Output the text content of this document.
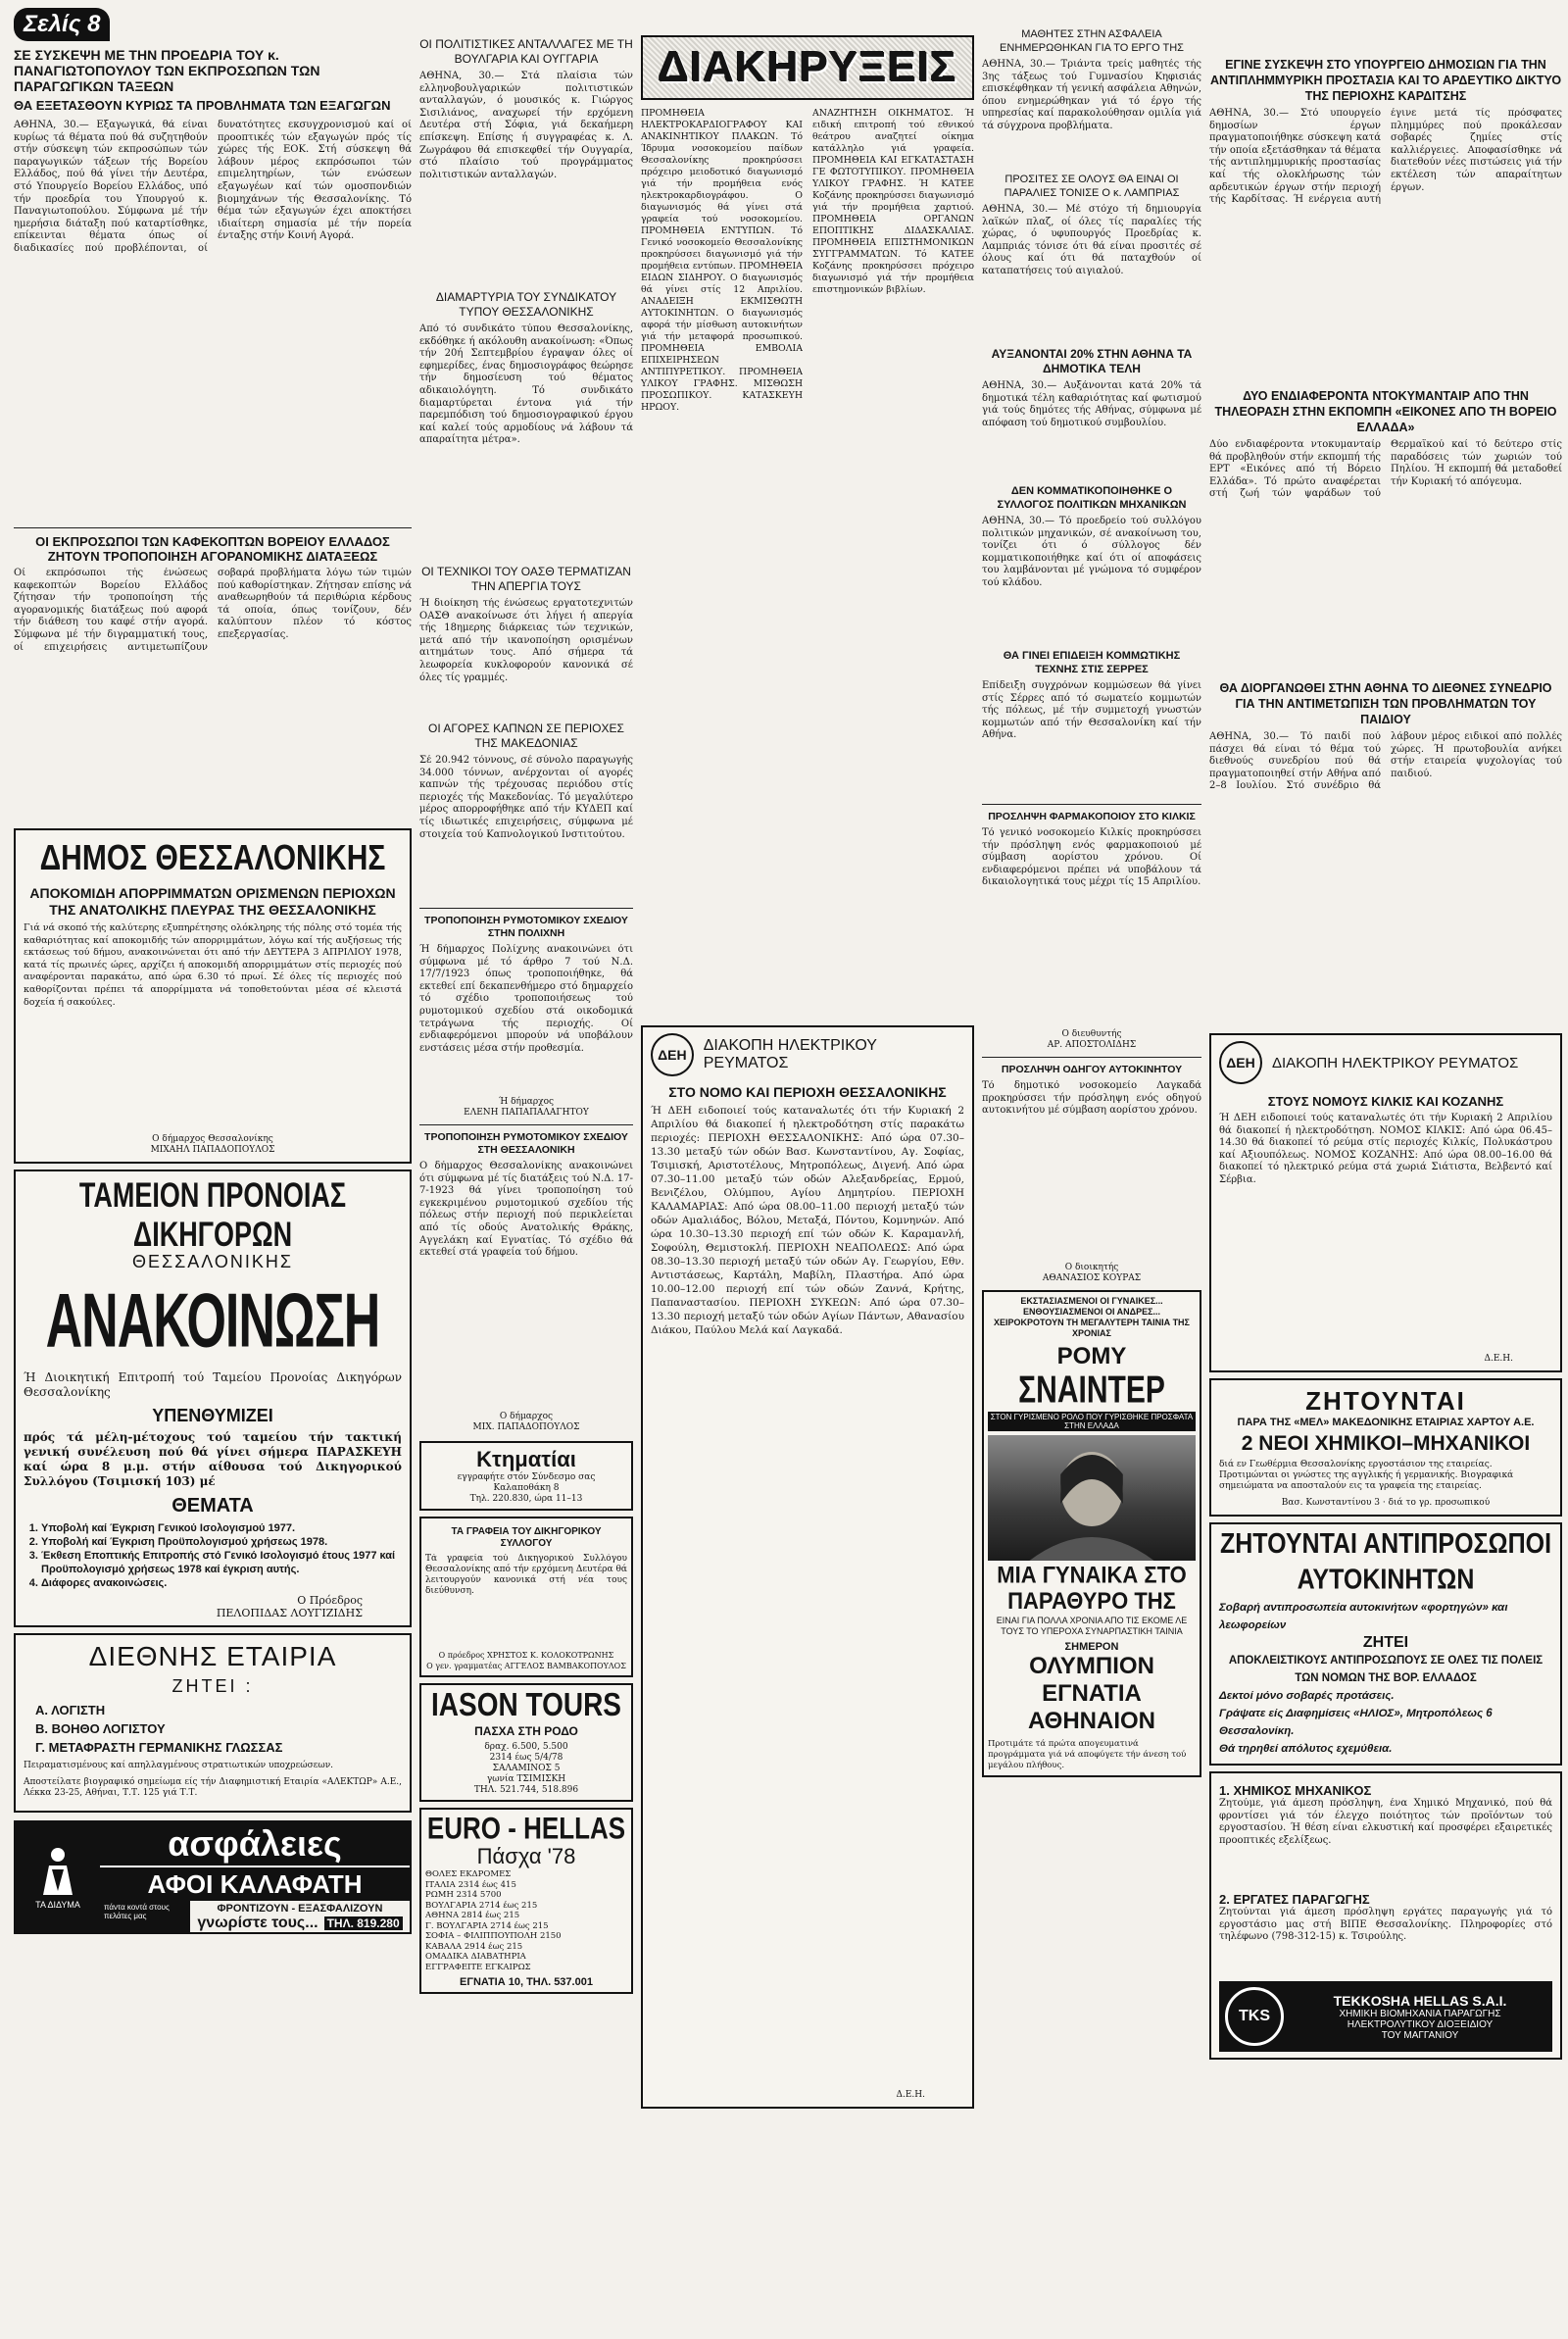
Σελίς 8
ΣΕ ΣΥΣΚΕΨΗ ΜΕ ΤΗΝ ΠΡΟΕΔΡΙΑ ΤΟΥ κ. ΠΑΝΑΓΙΩΤΟΠΟΥΛΟΥ ΤΩΝ ΕΚΠΡΟΣΩΠΩΝ ΤΩΝ ΠΑΡΑΓΩΓΙΚΩΝ ΤΑΞΕΩΝ
ΘΑ ΕΞΕΤΑΣΘΟΥΝ ΚΥΡΙΩΣ ΤΑ ΠΡΟΒΛΗΜΑΤΑ ΤΩΝ ΕΞΑΓΩΓΩΝ

ΑΘΗΝΑ, 30.— Εξαγωγικά, θά είναι κυρίως τά θέματα πού θά συζητηθούν στήν σύσκεψη τών εκπροσώπων τών παραγωγικών τάξεων τής Βορείου Ελλάδος, πού θά γίνει τήν Δευτέρα, στό Υπουργείο Βορείου Ελλάδος, υπό τήν προεδρία του Υπουργού κ. Παναγιωτοπούλου. Σύμφωνα μέ τήν ημερήσια διάταξη πού καταρτίσθηκε, επίκεινται θέματα όπως οί διαδικασίες πού προβλέπονται, οί δυνατότητες εκσυγχρονισμού καί οί προοπτικές τών εξαγωγών πρός τίς χώρες τής ΕΟΚ. Στή σύσκεψη θά λάβουν μέρος εκπρόσωποι τών επιμελητηρίων, τών ενώσεων εξαγωγέων καί τών ομοσπονδιών βιομηχάνων τής Θεσσαλονίκης. Τό θέμα τών εξαγωγών έχει αποκτήσει ιδιαίτερη σημασία μέ τήν πορεία ένταξης στήν Κοινή Αγορά.

ΟΙ ΕΚΠΡΟΣΩΠΟΙ ΤΩΝ ΚΑΦΕΚΟΠΤΩΝ ΒΟΡΕΙΟΥ ΕΛΛΑΔΟΣ ΖΗΤΟΥΝ ΤΡΟΠΟΠΟΙΗΣΗ ΑΓΟΡΑΝΟΜΙΚΗΣ ΔΙΑΤΑΞΕΩΣ

Οί εκπρόσωποι τής ένώσεως καφεκοπτών Βορείου Ελλάδος ζήτησαν τήν τροποποίηση τής αγορανομικής διατάξεως πού αφορά τήν διάθεση του καφέ στήν αγορά. Σύμφωνα μέ τήν διγραμματική τους, οί επιχειρήσεις αντιμετωπίζουν σοβαρά προβλήματα λόγω τών τιμών πού καθορίστηκαν. Ζήτησαν επίσης νά αναθεωρηθούν τά περιθώρια κέρδους τά οποία, όπως τονίζουν, δέν καλύπτουν πλέον τό κόστος επεξεργασίας.

ΔΗΜΟΣ ΘΕΣΣΑΛΟΝΙΚΗΣ
ΑΠΟΚΟΜΙΔΗ ΑΠΟΡΡΙΜΜΑΤΩΝ ΟΡΙΣΜΕΝΩΝ ΠΕΡΙΟΧΩΝ ΤΗΣ ΑΝΑΤΟΛΙΚΗΣ ΠΛΕΥΡΑΣ ΤΗΣ ΘΕΣΣΑΛΟΝΙΚΗΣ

Γιά νά σκοπό τής καλύτερης εξυπηρέτησης ολόκληρης τής πόλης στό τομέα τής καθαριότητας καί αποκομιδής τών απορριμμάτων, λόγω καί τής αυξήσεως τής εκτάσεως τού δήμου, ανακοινώνεται ότι από τήν ΔΕΥΤΕΡΑ 3 ΑΠΡΙΛΙΟΥ 1978, κατά τίς πρωινές ώρες, αρχίζει ή αποκομιδή απορριμμάτων στίς περιοχές πού αναφέρονται παρακάτω, από ώρα 6.30 τό πρωί. Σέ όλες τίς περιοχές πού καθορίζονται πρέπει τά απορρίμματα νά τοποθετούνται μέσα σέ κλειστά δοχεία ή σακούλες.

Ο δήμαρχος Θεσσαλονίκης
ΜΙΧΑΗΛ ΠΑΠΑΔΟΠΟΥΛΟΣ
ΤΑΜΕΙΟΝ ΠΡΟΝΟΙΑΣ ΔΙΚΗΓΟΡΩΝ
ΘΕΣΣΑΛΟΝΙΚΗΣ
ΑΝΑΚΟΙΝΩΣΗ

Ή Διοικητική Επιτροπή τού Ταμείου Προνοίας Δικηγόρων Θεσσαλονίκης

ΥΠΕΝΘΥΜΙΖΕΙ

πρός τά μέλη-μέτοχους τού ταμείου τήν τακτική γενική συνέλευση πού θά γίνει σήμερα ΠΑΡΑΣΚΕΥΗ καί ώρα 8 μ.μ. στήν αίθουσα τού Δικηγορικού Συλλόγου (Τσιμισκή 103) μέ

ΘΕΜΑΤΑ
1. Υποβολή καί Έγκριση Γενικού Ισολογισμού 1977.
2. Υποβολή καί Έγκριση Προϋπολογισμού χρήσεως 1978.
3. Έκθεση Εποπτικής Επιτροπής στό Γενικό Ισολογισμό έτους 1977 καί Προϋπολογισμό χρήσεως 1978 καί έγκριση αυτής.
4. Διάφορες ανακοινώσεις.
Ο Πρόεδρος
ΠΕΛΟΠΙΔΑΣ ΛΟΥΓΙΖΙΔΗΣ
ΔΙΕΘΝΗΣ ΕΤΑΙΡΙΑ
ΖΗΤΕΙ :
Α. ΛΟΓΙΣΤΗ
Β. ΒΟΗΘΟ ΛΟΓΙΣΤΟΥ
Γ. ΜΕΤΑΦΡΑΣΤΗ ΓΕΡΜΑΝΙΚΗΣ ΓΛΩΣΣΑΣ

Πειραματισμένους καί απηλλαγμένους στρατιωτικών υποχρεώσεων.

Αποστείλατε βιογραφικό σημείωμα είς τήν Διαφημιστική Εταιρία «ΑΛΕΚΤΩΡ» Α.Ε., Λέκκα 23-25, Αθήναι, Τ.Τ. 125 γιά Τ.Τ.

ΤΑ ΔΙΔΥΜΑ
ασφάλειες
ΑΦΟΙ ΚΑΛΑΦΑΤΗ
πάντα κοντά στους πελάτες μας
ΦΡΟΝΤΙΖΟΥΝ - ΕΞΑΣΦΑΛΙΖΟΥΝ
γνωρίστε τους... ΤΗΛ. 819.280
ΟΙ ΠΟΛΙΤΙΣΤΙΚΕΣ ΑΝΤΑΛΛΑΓΕΣ ΜΕ ΤΗ ΒΟΥΛΓΑΡΙΑ ΚΑΙ ΟΥΓΓΑΡΙΑ

ΑΘΗΝΑ, 30.— Στά πλαίσια τών ελληνοβουλγαρικών πολιτιστικών ανταλλαγών, ό μουσικός κ. Γιώργος Σισιλιάνος, αναχωρεί τήν ερχόμενη Δευτέρα στή Σόφια, γιά δεκαήμερη επίσκεψη. Επίσης ή συγγραφέας κ. Λ. Ζωγράφου θά επισκεφθεί τήν Ουγγαρία, στό πλαίσιο τού προγράμματος πολιτιστικών ανταλλαγών.

ΔΙΑΜΑΡΤΥΡΙΑ ΤΟΥ ΣΥΝΔΙΚΑΤΟΥ ΤΥΠΟΥ ΘΕΣΣΑΛΟΝΙΚΗΣ

Από τό συνδικάτο τύπου Θεσσαλονίκης, εκδόθηκε ή ακόλουθη ανακοίνωση: «Όπως τήν 20ή Σεπτεμβρίου έγραψαν όλες οί εφημερίδες, ένας δημοσιογράφος θεώρησε τήν δημοσίευση τού θέματος αδικαιολόγητη. Τό συνδικάτο διαμαρτύρεται έντονα γιά τήν παρεμπόδιση τού δημοσιογραφικού έργου καί καλεί τούς αρμοδίους νά λάβουν τά απαραίτητα μέτρα».

ΟΙ ΤΕΧΝΙΚΟΙ ΤΟΥ ΟΑΣΘ ΤΕΡΜΑΤΙΖΑΝ ΤΗΝ ΑΠΕΡΓΙΑ ΤΟΥΣ

Ή διοίκηση τής ένώσεως εργατοτεχνιτών ΟΑΣΘ ανακοίνωσε ότι λήγει ή απεργία τής 18ημερης διάρκειας τών τεχνικών, μετά από τήν ικανοποίηση ορισμένων αιτημάτων τους. Από σήμερα τά λεωφορεία κυκλοφορούν κανονικά σέ όλες τίς γραμμές.

ΟΙ ΑΓΟΡΕΣ ΚΑΠΝΩΝ ΣΕ ΠΕΡΙΟΧΕΣ ΤΗΣ ΜΑΚΕΔΟΝΙΑΣ

Σέ 20.942 τόννους, σέ σύνολο παραγωγής 34.000 τόννων, ανέρχονται οί αγορές καπνών τής τρέχουσας περιόδου στίς περιοχές τής Μακεδονίας. Τό μεγαλύτερο μέρος απορροφήθηκε από τήν ΚΥΔΕΠ καί τίς ιδιωτικές επιχειρήσεις, σύμφωνα μέ στοιχεία τού Καπνολογικού Ινστιτούτου.

ΤΡΟΠΟΠΟΙΗΣΗ ΡΥΜΟΤΟΜΙΚΟΥ ΣΧΕΔΙΟΥ ΣΤΗΝ ΠΟΛΙΧΝΗ

Ή δήμαρχος Πολίχνης ανακοινώνει ότι σύμφωνα μέ τό άρθρο 7 τού Ν.Δ. 17/7/1923 όπως τροποποιήθηκε, θά εκτεθεί επί δεκαπενθήμερο στό δημαρχείο τό σχέδιο τροποποιήσεως τού ρυμοτομικού σχεδίου στά οικοδομικά τετράγωνα τής περιοχής. Οί ενδιαφερόμενοι μπορούν νά υποβάλουν ενστάσεις μέσα στήν προθεσμία.

Ή δήμαρχος
ΕΛΕΝΗ ΠΑΠΑΠΑΛΑΓΗΤΟΥ
ΤΡΟΠΟΠΟΙΗΣΗ ΡΥΜΟΤΟΜΙΚΟΥ ΣΧΕΔΙΟΥ ΣΤΗ ΘΕΣΣΑΛΟΝΙΚΗ

Ο δήμαρχος Θεσσαλονίκης ανακοινώνει ότι σύμφωνα μέ τίς διατάξεις τού Ν.Δ. 17-7-1923 θά γίνει τροποποίηση τού εγκεκριμένου ρυμοτομικού σχεδίου τής πόλεως στήν περιοχή πού περικλείεται από τίς οδούς Ανατολικής Θράκης, Αγγελάκη καί Εγνατίας. Τό σχέδιο θά εκτεθεί στά γραφεία τού δήμου.

Ο δήμαρχος
ΜΙΧ. ΠΑΠΑΔΟΠΟΥΛΟΣ
Κτηματίαι
εγγραφήτε στόν Σύνδεσμο σας
Καλαποθάκη 8
Τηλ. 220.830, ώρα 11–13
ΤΑ ΓΡΑΦΕΙΑ ΤΟΥ ΔΙΚΗΓΟΡΙΚΟΥ ΣΥΛΛΟΓΟΥ

Τά γραφεία τού Δικηγορικού Συλλόγου Θεσσαλονίκης από τήν ερχόμενη Δευτέρα θά λειτουργούν κανονικά στή νέα τους διεύθυνση.

Ο πρόεδρος ΧΡΗΣΤΟΣ Κ. ΚΟΛΟΚΟΤΡΩΝΗΣ
Ο γεν. γραμματέας ΑΓΓΕΛΟΣ ΒΑΜΒΑΚΟΠΟΥΛΟΣ
IASON TOURS
ΠΑΣΧΑ ΣΤΗ ΡΟΔΟ
δραχ. 6.500, 5.500
2314 έως 5/4/78
ΣΑΛΑΜΙΝΟΣ 5
γωνία ΤΣΙΜΙΣΚΗ
ΤΗΛ. 521.744, 518.896
EURO - HELLAS
Πάσχα '78
ΘΟΛΕΣ ΕΚΔΡΟΜΕΣ
ΙΤΑΛΙΑ 2314 έως 415
ΡΩΜΗ 2314 5700
ΒΟΥΛΓΑΡΙΑ 2714 έως 215
ΑΘΗΝΑ 2814 έως 215
Γ. ΒΟΥΛΓΑΡΙΑ 2714 έως 215
ΣΟΦΙΑ – ΦΙΛΙΠΠΟΥΠΟΛΗ 2150
ΚΑΒΑΛΑ 2914 έως 215
ΟΜΑΔΙΚΑ ΔΙΑΒΑΤΗΡΙΑ
ΕΓΓΡΑΦΕΙΤΕ ΕΓΚΑΙΡΩΣ
ΕΓΝΑΤΙΑ 10, ΤΗΛ. 537.001
ΔΙΑΚΗΡΥΞΕΙΣ

ΠΡΟΜΗΘΕΙΑ ΗΛΕΚΤΡΟΚΑΡΔΙΟΓΡΑΦΟΥ ΚΑΙ ΑΝΑΚΙΝΗΤΙΚΟΥ ΠΛΑΚΩΝ. Τό Ίδρυμα νοσοκομείου παίδων Θεσσαλονίκης προκηρύσσει πρόχειρο μειοδοτικό διαγωνισμό γιά τήν προμήθεια ενός ηλεκτροκαρδιογράφου. Ο διαγωνισμός θά γίνει στά γραφεία τού νοσοκομείου. ΠΡΟΜΗΘΕΙΑ ΕΝΤΥΠΩΝ. Τό Γενικό νοσοκομείο Θεσσαλονίκης προκηρύσσει διαγωνισμό γιά τήν προμήθεια εντύπων. ΠΡΟΜΗΘΕΙΑ ΕΙΔΩΝ ΣΙΔΗΡΟΥ. Ο διαγωνισμός θά γίνει στίς 12 Απριλίου. ΑΝΑΔΕΙΞΗ ΕΚΜΙΣΘΩΤΗ ΑΥΤΟΚΙΝΗΤΩΝ. Ο διαγωνισμός αφορά τήν μίσθωση αυτοκινήτων γιά τήν μεταφορά προσωπικού. ΠΡΟΜΗΘΕΙΑ ΕΜΒΟΛΙΑ ΕΠΙΧΕΙΡΗΣΕΩΝ ΑΝΤΙΠΥΡΕΤΙΚΟΥ. ΠΡΟΜΗΘΕΙΑ ΥΛΙΚΟΥ ΓΡΑΦΗΣ. ΜΙΣΘΩΣΗ ΠΡΟΣΩΠΙΚΟΥ. ΚΑΤΑΣΚΕΥΗ ΗΡΩΟΥ.

ΑΝΑΖΗΤΗΣΗ ΟΙΚΗΜΑΤΟΣ. Ή ειδική επιτροπή τού εθνικού θεάτρου αναζητεί οίκημα κατάλληλο γιά γραφεία. ΠΡΟΜΗΘΕΙΑ ΚΑΙ ΕΓΚΑΤΑΣΤΑΣΗ ΓΕ ΦΩΤΟΤΥΠΙΚΟΥ. ΠΡΟΜΗΘΕΙΑ ΥΛΙΚΟΥ ΓΡΑΦΗΣ. Ή ΚΑΤΕΕ Κοζάνης προκηρύσσει διαγωνισμό γιά τήν προμήθεια χαρτιού. ΠΡΟΜΗΘΕΙΑ ΟΡΓΑΝΩΝ ΕΠΟΠΤΙΚΗΣ ΔΙΔΑΣΚΑΛΙΑΣ. ΠΡΟΜΗΘΕΙΑ ΕΠΙΣΤΗΜΟΝΙΚΩΝ ΣΥΓΓΡΑΜΜΑΤΩΝ. Τό ΚΑΤΕΕ Κοζάνης προκηρύσσει πρόχειρο διαγωνισμό γιά τήν προμήθεια επιστημονικών βιβλίων.

ΔΕΗ
ΔΙΑΚΟΠΗ ΗΛΕΚΤΡΙΚΟΥ ΡΕΥΜΑΤΟΣ
ΣΤΟ ΝΟΜΟ ΚΑΙ ΠΕΡΙΟΧΗ ΘΕΣΣΑΛΟΝΙΚΗΣ

Ή ΔΕΗ ειδοποιεί τούς καταναλωτές ότι τήν Κυριακή 2 Απριλίου θά διακοπεί ή ηλεκτροδότηση στίς παρακάτω περιοχές: ΠΕΡΙΟΧΗ ΘΕΣΣΑΛΟΝΙΚΗΣ: Από ώρα 07.30–13.30 μεταξύ τών οδών Βασ. Κωνσταντίνου, Αγ. Σοφίας, Τσιμισκή, Αριστοτέλους, Μητροπόλεως, Διγενή. Από ώρα 07.30–11.00 μεταξύ τών οδών Αλεξανδρείας, Ερμού, Βενιζέλου, Ολύμπου, Αγίου Δημητρίου. ΠΕΡΙΟΧΗ ΚΑΛΑΜΑΡΙΑΣ: Από ώρα 08.00–11.00 περιοχή μεταξύ τών οδών Αμαλιάδος, Βόλου, Μεταξά, Πόντου, Κομνηνών. Από ώρα 10.30–13.30 περιοχή επί τών οδών Κ. Καραμανλή, Σοφούλη, Θεμιστοκλή. ΠΕΡΙΟΧΗ ΝΕΑΠΟΛΕΩΣ: Από ώρα 08.30–13.30 περιοχή μεταξύ τών οδών Αγ. Γεωργίου, Εθν. Αντιστάσεως, Καρτάλη, Μαβίλη, Πλαστήρα. Από ώρα 10.00–12.00 περιοχή επί τών οδών Ζαννά, Κρήτης, Παπαναστασίου. ΠΕΡΙΟΧΗ ΣΥΚΕΩΝ: Από ώρα 07.30–13.30 περιοχή μεταξύ τών οδών Αγίων Πάντων, Αθανασίου Διάκου, Παύλου Μελά καί Λαγκαδά.

Δ.Ε.Η.
ΜΑΘΗΤΕΣ ΣΤΗΝ ΑΣΦΑΛΕΙΑ ΕΝΗΜΕΡΩΘΗΚΑΝ ΓΙΑ ΤΟ ΕΡΓΟ ΤΗΣ

ΑΘΗΝΑ, 30.— Τριάντα τρείς μαθητές τής 3ης τάξεως τού Γυμνασίου Κηφισιάς επισκέφθηκαν τή γενική ασφάλεια Αθηνών, όπου ενημερώθηκαν γιά τό έργο τής υπηρεσίας καί παρακολούθησαν ομιλία γιά τά σύγχρονα προβλήματα.

ΠΡΟΣΙΤΕΣ ΣΕ ΟΛΟΥΣ ΘΑ ΕΙΝΑΙ ΟΙ ΠΑΡΑΛΙΕΣ ΤΟΝΙΣΕ Ο κ. ΛΑΜΠΡΙΑΣ

ΑΘΗΝΑ, 30.— Μέ στόχο τή δημιουργία λαϊκών πλαζ, οί όλες τίς παραλίες τής χώρας, ό υφυπουργός Προεδρίας κ. Λαμπριάς τόνισε ότι θά είναι προσιτές σέ όλους καί ότι θά παταχθούν οί καταπατήσεις τού αιγιαλού.

ΑΥΞΑΝΟΝΤΑΙ 20% ΣΤΗΝ ΑΘΗΝΑ ΤΑ ΔΗΜΟΤΙΚΑ ΤΕΛΗ

ΑΘΗΝΑ, 30.— Αυξάνονται κατά 20% τά δημοτικά τέλη καθαριότητας καί φωτισμού γιά τούς δημότες τής Αθήνας, σύμφωνα μέ απόφαση τού δημοτικού συμβουλίου.

ΔΕΝ ΚΟΜΜΑΤΙΚΟΠΟΙΗΘΗΚΕ Ο ΣΥΛΛΟΓΟΣ ΠΟΛΙΤΙΚΩΝ ΜΗΧΑΝΙΚΩΝ

ΑΘΗΝΑ, 30.— Τό προεδρείο τού συλλόγου πολιτικών μηχανικών, σέ ανακοίνωση του, τονίζει ότι ό σύλλογος δέν κομματικοποιήθηκε καί ότι οί αποφάσεις του λαμβάνονται μέ γνώμονα τό συμφέρον τού κλάδου.

ΘΑ ΓΙΝΕΙ ΕΠΙΔΕΙΞΗ ΚΟΜΜΩΤΙΚΗΣ ΤΕΧΝΗΣ ΣΤΙΣ ΣΕΡΡΕΣ

Επίδειξη συγχρόνων κομμώσεων θά γίνει στίς Σέρρες από τό σωματείο κομμωτών τής πόλεως, μέ τήν συμμετοχή γνωστών κομμωτών από τήν Θεσσαλονίκη καί τήν Αθήνα.

ΠΡΟΣΛΗΨΗ ΦΑΡΜΑΚΟΠΟΙΟΥ ΣΤΟ ΚΙΛΚΙΣ

Τό γενικό νοσοκομείο Κιλκίς προκηρύσσει τήν πρόσληψη ενός φαρμακοποιού μέ σύμβαση αορίστου χρόνου. Οί ενδιαφερόμενοι πρέπει νά υποβάλουν τά δικαιολογητικά τους μέχρι τίς 15 Απριλίου.

Ο διευθυντής
ΑΡ. ΑΠΟΣΤΟΛΙΔΗΣ
ΠΡΟΣΛΗΨΗ ΟΔΗΓΟΥ ΑΥΤΟΚΙΝΗΤΟΥ

Τό δημοτικό νοσοκομείο Λαγκαδά προκηρύσσει τήν πρόσληψη ενός οδηγού αυτοκινήτου μέ σύμβαση αορίστου χρόνου.

Ο διοικητής
ΑΘΑΝΑΣΙΟΣ ΚΟΥΡΑΣ
ΕΚΣΤΑΣΙΑΣΜΕΝΟΙ ΟΙ ΓΥΝΑΙΚΕΣ... ΕΝΘΟΥΣΙΑΣΜΕΝΟΙ ΟΙ ΑΝΔΡΕΣ... ΧΕΙΡΟΚΡΟΤΟΥΝ ΤΗ ΜΕΓΑΛΥΤΕΡΗ ΤΑΙΝΙΑ ΤΗΣ ΧΡΟΝΙΑΣ
ΡΟΜΥ
ΣΝΑΙΝΤΕΡ
ΣΤΟΝ ΓΥΡΙΣΜΕΝΟ ΡΟΛΟ ΠΟΥ ΓΥΡΙΣΘΗΚΕ ΠΡΟΣΦΑΤΑ ΣΤΗΝ ΕΛΛΑΔΑ
ΜΙΑ ΓΥΝΑΙΚΑ ΣΤΟ ΠΑΡΑΘΥΡΟ ΤΗΣ
ΕΙΝΑΙ ΓΙΑ ΠΟΛΛΑ ΧΡΟΝΙΑ ΑΠΟ ΤΙΣ ΕΚΟΜΕ ΛΕ ΤΟΥΣ ΤΟ ΥΠΕΡΟΧΑ ΣΥΝΑΡΠΑΣΤΙΚΗ ΤΑΙΝΙΑ
ΣΗΜΕΡΟΝ
ΟΛΥΜΠΙΟΝ
ΕΓΝΑΤΙΑ
ΑΘΗΝΑΙΟΝ
Προτιμάτε τά πρώτα απογευματινά προγράμματα γιά νά αποφύγετε τήν άνεση τού μεγάλου πλήθους.
ΕΓΙΝΕ ΣΥΣΚΕΨΗ ΣΤΟ ΥΠΟΥΡΓΕΙΟ ΔΗΜΟΣΙΩΝ ΓΙΑ ΤΗΝ ΑΝΤΙΠΛΗΜΜΥΡΙΚΗ ΠΡΟΣΤΑΣΙΑ ΚΑΙ ΤΟ ΑΡΔΕΥΤΙΚΟ ΔΙΚΤΥΟ ΤΗΣ ΠΕΡΙΟΧΗΣ ΚΑΡΔΙΤΣΗΣ

ΑΘΗΝΑ, 30.— Στό υπουργείο δημοσίων έργων πραγματοποιήθηκε σύσκεψη κατά τήν οποία εξετάσθηκαν τά θέματα τής αντιπλημμυρικής προστασίας καί τής ολοκλήρωσης τών αρδευτικών έργων στήν περιοχή τής Καρδίτσας. Ή ενέργεια αυτή έγινε μετά τίς πρόσφατες πλημμύρες πού προκάλεσαν σοβαρές ζημίες στίς καλλιέργειες. Αποφασίσθηκε νά διατεθούν νέες πιστώσεις γιά τήν εκτέλεση τών απαραίτητων έργων.

ΔΥΟ ΕΝΔΙΑΦΕΡΟΝΤΑ ΝΤΟΚΥΜΑΝΤΑΙΡ ΑΠΟ ΤΗΝ ΤΗΛΕΟΡΑΣΗ ΣΤΗΝ ΕΚΠΟΜΠΗ «ΕΙΚΟΝΕΣ ΑΠΟ ΤΗ ΒΟΡΕΙΟ ΕΛΛΑΔΑ»

Δύο ενδιαφέροντα ντοκυμανταίρ θά προβληθούν στήν εκπομπή τής ΕΡΤ «Εικόνες από τή Βόρειο Ελλάδα». Τό πρώτο αναφέρεται στή ζωή τών ψαράδων τού Θερμαϊκού καί τό δεύτερο στίς παραδόσεις τών χωριών τού Πηλίου. Ή εκπομπή θά μεταδοθεί τήν Κυριακή τό απόγευμα.

ΘΑ ΔΙΟΡΓΑΝΩΘΕΙ ΣΤΗΝ ΑΘΗΝΑ ΤΟ ΔΙΕΘΝΕΣ ΣΥΝΕΔΡΙΟ ΓΙΑ ΤΗΝ ΑΝΤΙΜΕΤΩΠΙΣΗ ΤΩΝ ΠΡΟΒΛΗΜΑΤΩΝ ΤΟΥ ΠΑΙΔΙΟΥ

ΑΘΗΝΑ, 30.— Τό παιδί πού πάσχει θά είναι τό θέμα τού διεθνούς συνεδρίου πού θά πραγματοποιηθεί στήν Αθήνα από 2–8 Ιουλίου. Στό συνέδριο θά λάβουν μέρος ειδικοί από πολλές χώρες. Ή πρωτοβουλία ανήκει στήν εταιρεία ψυχολογίας τού παιδιού.

ΔΕΗ	ΔΙΑΚΟΠΗ ΗΛΕΚΤΡΙΚΟΥ ΡΕΥΜΑΤΟΣ
ΣΤΟΥΣ ΝΟΜΟΥΣ ΚΙΛΚΙΣ ΚΑΙ ΚΟΖΑΝΗΣ

Ή ΔΕΗ ειδοποιεί τούς καταναλωτές ότι τήν Κυριακή 2 Απριλίου θά διακοπεί ή ηλεκτροδότηση. ΝΟΜΟΣ ΚΙΛΚΙΣ: Από ώρα 06.45–14.30 θά διακοπεί τό ρεύμα στίς περιοχές Κιλκίς, Πολυκάστρου καί Αξιουπόλεως. ΝΟΜΟΣ ΚΟΖΑΝΗΣ: Από ώρα 08.00–16.00 θά διακοπεί τό ηλεκτρικό ρεύμα στά χωριά Σιάτιστα, Βελβεντό καί Σέρβια.

Δ.Ε.Η.
ΖΗΤΟΥΝΤΑΙ
ΠΑΡΑ ΤΗΣ «ΜΕΛ» ΜΑΚΕΔΟΝΙΚΗΣ ΕΤΑΙΡΙΑΣ ΧΑΡΤΟΥ Α.Ε.
2 ΝΕΟΙ ΧΗΜΙΚΟΙ–ΜΗΧΑΝΙΚΟΙ

διά εν Γεωθέρμια Θεσσαλονίκης εργοστάσιον της εταιρείας. Προτιμώνται οι γνώστες της αγγλικής ή γερμανικής. Βιογραφικά σημειώματα να αποσταλούν εις τα γραφεία της εταιρείας.

Βασ. Κωνσταντίνου 3 · διά το γρ. προσωπικού
ΖΗΤΟΥΝΤΑΙ ΑΝΤΙΠΡΟΣΩΠΟΙ ΑΥΤΟΚΙΝΗΤΩΝ
Σοβαρή αντιπροσωπεία αυτοκινήτων «φορτηγών» και λεωφορείων
ΖΗΤΕΙ
ΑΠΟΚΛΕΙΣΤΙΚΟΥΣ ΑΝΤΙΠΡΟΣΩΠΟΥΣ ΣΕ ΟΛΕΣ ΤΙΣ ΠΟΛΕΙΣ ΤΩΝ ΝΟΜΩΝ ΤΗΣ ΒΟΡ. ΕΛΛΑΔΟΣ
Δεκτοί μόνο σοβαρές προτάσεις.
Γράψατε είς Διαφημίσεις «ΗΛΙΟΣ», Μητροπόλεως 6 Θεσσαλονίκη.
Θά τηρηθεί απόλυτος εχεμύθεια.
1. ΧΗΜΙΚΟΣ ΜΗΧΑΝΙΚΟΣ

Ζητούμε, γιά άμεση πρόσληψη, ένα Χημικό Μηχανικό, πού θά φροντίσει γιά τόν έλεγχο ποιότητος τών προϊόντων τού εργοστασίου. Ή θέση είναι ελκυστική καί προσφέρει εξαιρετικές προοπτικές εξελίξεως.

2. ΕΡΓΑΤΕΣ ΠΑΡΑΓΩΓΗΣ

Ζητούνται γιά άμεση πρόσληψη εργάτες παραγωγής γιά τό εργοστάσιο μας στή ΒΙΠΕ Θεσσαλονίκης. Πληροφορίες στό τηλέφωνο (798-312-15) κ. Τσιρούλης.

TKS
TEKKOSHA HELLAS S.A.I.
ΧΗΜΙΚΗ ΒΙΟΜΗΧΑΝΙΑ ΠΑΡΑΓΩΓΗΣ
ΗΛΕΚΤΡΟΛΥΤΙΚΟΥ ΔΙΟΞΕΙΔΙΟΥ
ΤΟΥ ΜΑΓΓΑΝΙΟΥ
